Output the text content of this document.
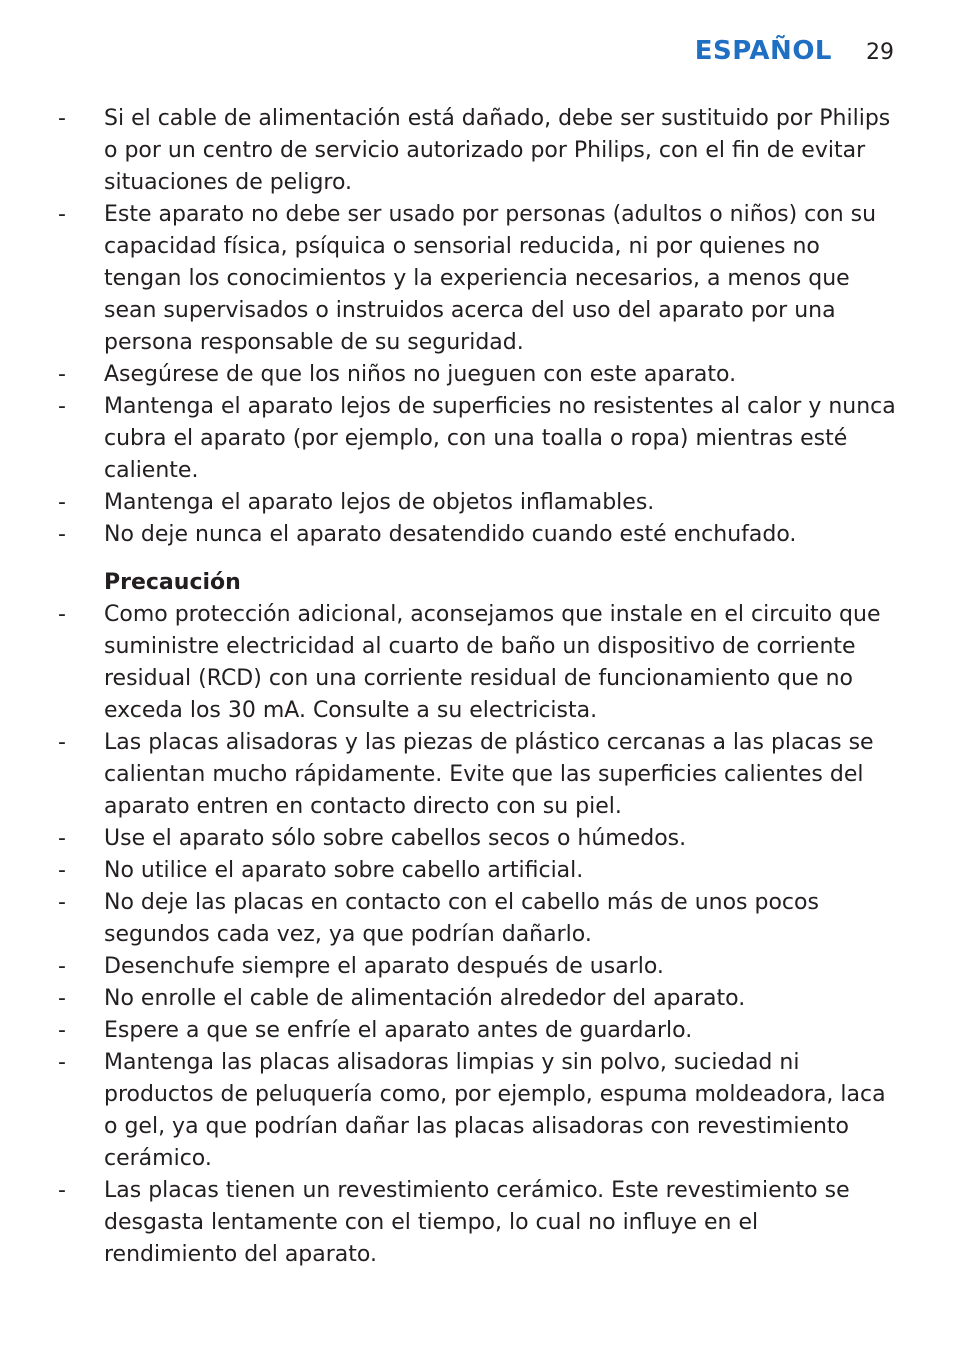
ESPAÑOL 29
-	Si el cable de alimentación está dañado, debe ser sustituido por Philips o por un centro de servicio autorizado por Philips, con el fin de evitar situaciones de peligro.
-	Este aparato no debe ser usado por personas (adultos o niños) con su capacidad física, psíquica o sensorial reducida, ni por quienes no tengan los conocimientos y la experiencia necesarios, a menos que sean supervisados o instruidos acerca del uso del aparato por una persona responsable de su seguridad.
-	Asegúrese de que los niños no jueguen con este aparato.
-	Mantenga el aparato lejos de superficies no resistentes al calor y nunca cubra el aparato (por ejemplo, con una toalla o ropa) mientras esté caliente.
-	Mantenga el aparato lejos de objetos inflamables.
-	No deje nunca el aparato desatendido cuando esté enchufado.
Precaución
-	Como protección adicional, aconsejamos que instale en el circuito que suministre electricidad al cuarto de baño un dispositivo de corriente residual (RCD) con una corriente residual de funcionamiento que no exceda los 30 mA. Consulte a su electricista.
-	Las placas alisadoras y las piezas de plástico cercanas a las placas se calientan mucho rápidamente. Evite que las superficies calientes del aparato entren en contacto directo con su piel.
-	Use el aparato sólo sobre cabellos secos o húmedos.
-	No utilice el aparato sobre cabello artificial.
-	No deje las placas en contacto con el cabello más de unos pocos segundos cada vez, ya que podrían dañarlo.
-	Desenchufe siempre el aparato después de usarlo.
-	No enrolle el cable de alimentación alrededor del aparato.
-	Espere a que se enfríe el aparato antes de guardarlo.
-	Mantenga las placas alisadoras limpias y sin polvo, suciedad ni productos de peluquería como, por ejemplo, espuma moldeadora, laca o gel, ya que podrían dañar las placas alisadoras con revestimiento cerámico.
-	Las placas tienen un revestimiento cerámico. Este revestimiento se desgasta lentamente con el tiempo, lo cual no influye en el rendimiento del aparato.
